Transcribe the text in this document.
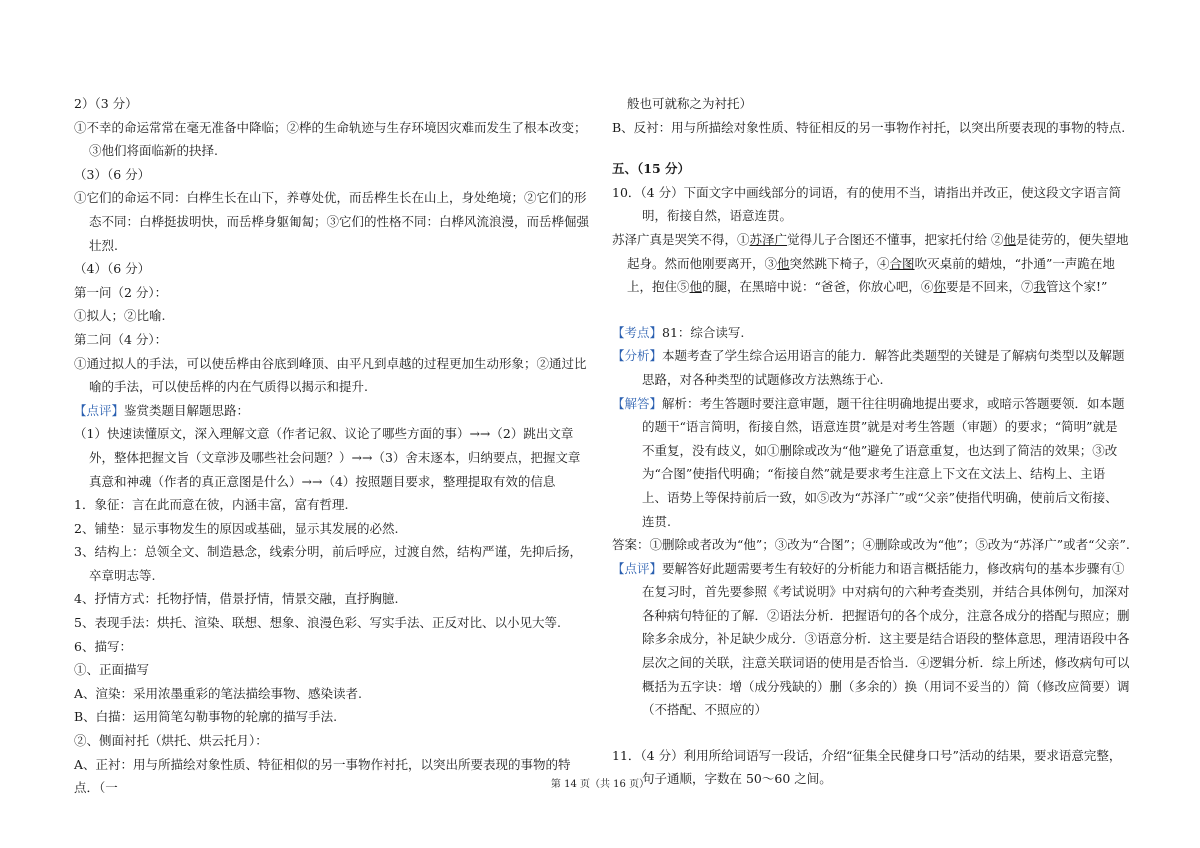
2）（3 分）

①不幸的命运常常在毫无准备中降临；②桦的生命轨迹与生存环境因灾难而发生了根本改变；③他们将面临新的抉择.

（3）（6 分）

①它们的命运不同：白桦生长在山下，养尊处优，而岳桦生长在山上，身处绝境；②它们的形态不同：白桦挺拔明快，而岳桦身躯匍匐；③它们的性格不同：白桦风流浪漫，而岳桦倔强壮烈.

（4）（6 分）

第一问（2 分）：

①拟人；②比喻.

第二问（4 分）：

①通过拟人的手法，可以使岳桦由谷底到峰顶、由平凡到卓越的过程更加生动形象；②通过比喻的手法，可以使岳桦的内在气质得以揭示和提升.

【点评】鉴赏类题目解题思路：

（1）快速读懂原文，深入理解文意（作者记叙、议论了哪些方面的事）→→（2）跳出文章外，整体把握文旨（文章涉及哪些社会问题？）→→（3）舍末逐本，归纳要点，把握文章真意和神魂（作者的真正意图是什么）→→（4）按照题目要求，整理提取有效的信息

1．象征：言在此而意在彼，内涵丰富，富有哲理.

2、铺垫：显示事物发生的原因或基础，显示其发展的必然.

3、结构上：总领全文、制造悬念，线索分明，前后呼应，过渡自然，结构严谨，先抑后扬，卒章明志等.

4、抒情方式：托物抒情，借景抒情，情景交融，直抒胸臆.

5、表现手法：烘托、渲染、联想、想象、浪漫色彩、写实手法、正反对比、以小见大等.

6、描写：

①、正面描写

A、渲染：采用浓墨重彩的笔法描绘事物、感染读者.

B、白描：运用简笔勾勒事物的轮廓的描写手法.

②、侧面衬托（烘托、烘云托月）：

A、正衬：用与所描绘对象性质、特征相似的另一事物作衬托，以突出所要表现的事物的特点．（一

般也可就称之为衬托）

B、反衬：用与所描绘对象性质、特征相反的另一事物作衬托，以突出所要表现的事物的特点.

五、（15 分）

10．（4 分）下面文字中画线部分的词语，有的使用不当，请指出并改正，使这段文字语言简明，衔接自然，语意连贯。

苏泽广真是哭笑不得，①苏泽广觉得儿子合图还不懂事，把家托付给 ②他是徒劳的，便失望地起身。然而他刚要离开，③他突然跳下椅子，④合图吹灭桌前的蜡烛，“扑通”一声跪在地上，抱住⑤他的腿，在黑暗中说：“爸爸，你放心吧，⑥你要是不回来，⑦我管这个家!”

【考点】81：综合读写.

【分析】本题考查了学生综合运用语言的能力．解答此类题型的关键是了解病句类型以及解题思路，对各种类型的试题修改方法熟练于心.

【解答】解析：考生答题时要注意审题，题干往往明确地提出要求，或暗示答题要领．如本题的题干“语言简明，衔接自然，语意连贯”就是对考生答题（审题）的要求；“简明”就是不重复，没有歧义，如①删除或改为“他”避免了语意重复，也达到了简洁的效果；③改为“合图”使指代明确；“衔接自然”就是要求考生注意上下文在文法上、结构上、主语上、语势上等保持前后一致，如⑤改为“苏泽广”或“父亲”使指代明确，使前后文衔接、连贯.

答案：①删除或者改为“他”；③改为“合图”；④删除或改为“他”；⑤改为“苏泽广”或者“父亲”.

【点评】要解答好此题需要考生有较好的分析能力和语言概括能力，修改病句的基本步骤有①在复习时，首先要参照《考试说明》中对病句的六种考查类别，并结合具体例句，加深对各种病句特征的了解．②语法分析．把握语句的各个成分，注意各成分的搭配与照应；删除多余成分，补足缺少成分．③语意分析．这主要是结合语段的整体意思，理清语段中各层次之间的关联，注意关联词语的使用是否恰当．④逻辑分析．综上所述，修改病句可以概括为五字诀：增（成分残缺的）删（多余的）换（用词不妥当的）简（修改应简要）调（不搭配、不照应的）

11．（4 分）利用所给词语写一段话，介绍“征集全民健身口号”活动的结果，要求语意完整，句子通顺，字数在 50～60 之间。

第 14 页（共 16 页）
